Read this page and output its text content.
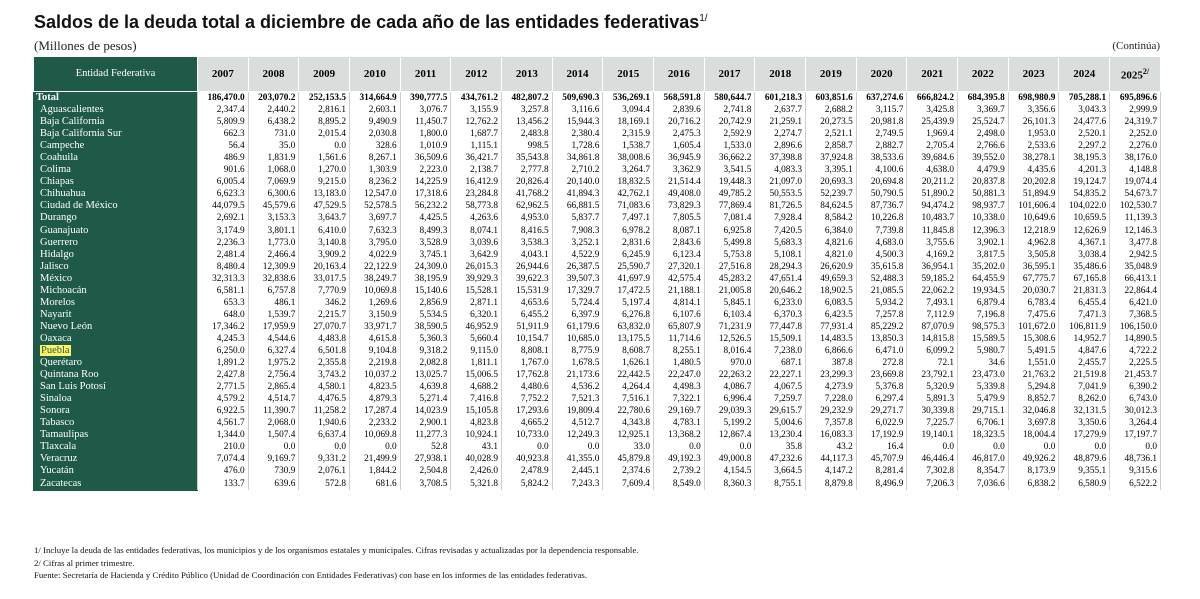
Saldos de la deuda total a diciembre de cada año de las entidades federativas$^{1/}$
(Millones de pesos)	(Continúa)
Entidad Federativa	2007	2008	2009	2010	2011	2012	2013	2014	2015	2016	2017	2018	2019	2020	2021	2022	2023	2024	$2025^{2/}$
Total	186,470.0	203,070.2	252,153.5	314,664.9	390,777.5	434,761.2	482,807.2	509,690.3	536,269.1	568,591.8	580,644.7	601,218.3	603,851.6	637,274.6	666,824.2	684,395.8	698,980.9	705,288.1	695,896.6
Aguascalientes	2,347.4	2,440.2	2,816.1	2,603.1	3,076.7	3,155.9	3,257.8	3,116.6	3,094.4	2,839.6	2,741.8	2,637.7	2,688.2	3,115.7	3,425.8	3,369.7	3,356.6	3,043.3	2,999.9
Baja California	5,809.9	6,438.2	8,895.2	9,490.9	11,450.7	12,762.2	13,456.2	15,944.3	18,169.1	20,716.2	20,742.9	21,259.1	20,273.5	20,981.8	25,439.9	25,524.7	26,101.3	24,477.6	24,319.7
Baja California Sur	662.3	731.0	2,015.4	2,030.8	1,800.0	1,687.7	2,483.8	2,380.4	2,315.9	2,475.3	2,592.9	2,274.7	2,521.1	2,749.5	1,969.4	2,498.0	1,953.0	2,520.1	2,252.0
Campeche	56.4	35.0	0.0	328.6	1,010.9	1,115.1	998.5	1,728.6	1,538.7	1,605.4	1,533.0	2,896.6	2,858.7	2,882.7	2,705.4	2,766.6	2,533.6	2,297.2	2,276.0
Coahuila	486.9	1,831.9	1,561.6	8,267.1	36,509.6	36,421.7	35,543.8	34,861.8	38,008.6	36,945.9	36,662.2	37,398.8	37,924.8	38,533.6	39,684.6	39,552.0	38,278.1	38,195.3	38,176.0
Colima	901.6	1,068.0	1,270.0	1,303.9	2,223.0	2,138.7	2,777.8	2,710.2	3,264.7	3,362.9	3,541.5	4,083.3	3,395.1	4,100.6	4,638.0	4,479.9	4,435.6	4,201.3	4,148.8
Chiapas	6,005.4	7,069.9	9,215.0	8,236.2	14,225.9	16,412.9	20,826.4	20,140.0	18,832.5	21,514.4	19,448.3	21,097.0	20,693.3	20,694.8	20,211.2	20,837.8	20,202.8	19,124.7	19,074.4
Chihuahua	6,623.3	6,300.6	13,183.0	12,547.0	17,318.6	23,284.8	41,768.2	41,894.3	42,762.1	49,408.0	49,785.2	50,553.5	52,239.7	50,790.5	51,890.2	50,881.3	51,894.9	54,835.2	54,673.7
Ciudad de México	44,079.5	45,579.6	47,529.5	52,578.5	56,232.2	58,773.8	62,962.5	66,881.5	71,083.6	73,829.3	77,869.4	81,726.5	84,624.5	87,736.7	94,474.2	98,937.7	101,606.4	104,022.0	102,530.7
Durango	2,692.1	3,153.3	3,643.7	3,697.7	4,425.5	4,263.6	4,953.0	5,837.7	7,497.1	7,805.5	7,081.4	7,928.4	8,584.2	10,226.8	10,483.7	10,338.0	10,649.6	10,659.5	11,139.3
Guanajuato	3,174.9	3,801.1	6,410.0	7,632.3	8,499.3	8,074.1	8,416.5	7,908.3	6,978.2	8,087.1	6,925.8	7,420.5	6,384.0	7,739.8	11,845.8	12,396.3	12,218.9	12,626.9	12,146.3
Guerrero	2,236.3	1,773.0	3,140.8	3,795.0	3,528.9	3,039.6	3,538.3	3,252.1	2,831.6	2,843.6	5,499.8	5,683.3	4,821.6	4,683.0	3,755.6	3,902.1	4,962.8	4,367.1	3,477.8
Hidalgo	2,481.4	2,466.4	3,909.2	4,022.9	3,745.1	3,642.9	4,043.1	4,522.9	6,245.9	6,123.4	5,753.8	5,108.1	4,821.0	4,500.3	4,169.2	3,817.5	3,505.8	3,038.4	2,942.5
Jalisco	8,480.4	12,309.9	20,163.4	22,122.9	24,309.0	26,015.3	26,944.6	26,387.5	25,590.7	27,320.1	27,516.8	28,294.3	26,620.9	35,615.8	36,954.1	35,202.0	36,595.1	35,486.6	35,048.9
México	32,313.3	32,838.6	33,017.5	38,249.7	38,195.9	39,929.3	39,622.3	39,507.3	41,697.9	42,575.4	45,283.2	47,651.4	49,659.3	52,488.3	59,185.2	64,455.9	67,775.7	67,165.8	66,413.1
Michoacán	6,581.1	6,757.8	7,770.9	10,069.8	15,140.6	15,528.1	15,531.9	17,329.7	17,472.5	21,188.1	21,005.8	20,646.2	18,902.5	21,085.5	22,062.2	19,934.5	20,030.7	21,831.3	22,864.4
Morelos	653.3	486.1	346.2	1,269.6	2,856.9	2,871.1	4,653.6	5,724.4	5,197.4	4,814.1	5,845.1	6,233.0	6,083.5	5,934.2	7,493.1	6,879.4	6,783.4	6,455.4	6,421.0
Nayarit	648.0	1,539.7	2,215.7	3,150.9	5,534.5	6,320.1	6,455.2	6,397.9	6,276.8	6,107.6	6,103.4	6,370.3	6,423.5	7,257.8	7,112.9	7,196.8	7,475.6	7,471.3	7,368.5
Nuevo León	17,346.2	17,959.9	27,070.7	33,971.7	38,590.5	46,952.9	51,911.9	61,179.6	63,832.0	65,807.9	71,231.9	77,447.8	77,931.4	85,229.2	87,070.9	98,575.3	101,672.0	106,811.9	106,150.0
Oaxaca	4,245.3	4,544.6	4,483.8	4,615.8	5,360.3	5,660.4	10,154.7	10,685.0	13,175.5	11,714.6	12,526.5	15,509.1	14,483.5	13,850.3	14,815.8	15,589.5	15,308.6	14,952.7	14,890.5
Puebla	6,250.0	6,327.4	6,501.8	9,104.8	9,318.2	9,115.0	8,808.1	8,775.9	8,608.7	8,255.1	8,016.4	7,238.0	6,866.6	6,471.0	6,099.2	5,980.7	5,491.5	4,847.6	4,722.2
Querétaro	1,891.2	1,975.2	2,355.8	2,219.8	2,082.8	1,811.1	1,767.0	1,678.5	1,626.1	1,480.5	970.0	687.1	387.8	272.8	72.1	34.6	1,551.0	2,455.7	2,225.5
Quintana Roo	2,427.8	2,756.4	3,743.2	10,037.2	13,025.7	15,006.5	17,762.8	21,173.6	22,442.5	22,247.0	22,263.2	22,227.1	23,299.3	23,669.8	23,792.1	23,473.0	21,763.2	21,519.8	21,453.7
San Luis Potosí	2,771.5	2,865.4	4,580.1	4,823.5	4,639.8	4,688.2	4,480.6	4,536.2	4,264.4	4,498.3	4,086.7	4,067.5	4,273.9	5,376.8	5,320.9	5,339.8	5,294.8	7,041.9	6,390.2
Sinaloa	4,579.2	4,514.7	4,476.5	4,879.3	5,271.4	7,416.8	7,752.2	7,521.3	7,516.1	7,322.1	6,996.4	7,259.7	7,228.0	6,297.4	5,891.3	5,479.9	8,852.7	8,262.0	6,743.0
Sonora	6,922.5	11,390.7	11,258.2	17,287.4	14,023.9	15,105.8	17,293.6	19,809.4	22,780.6	29,169.7	29,039.3	29,615.7	29,232.9	29,271.7	30,339.8	29,715.1	32,046.8	32,131.5	30,012.3
Tabasco	4,561.7	2,068.0	1,940.6	2,233.2	2,900.1	4,823.8	4,665.2	4,512.7	4,343.8	4,783.1	5,199.2	5,004.6	7,357.8	6,022.9	7,225.7	6,706.1	3,697.8	3,350.6	3,264.4
Tamaulipas	1,344.0	1,507.4	6,637.4	10,069.8	11,277.3	10,924.1	10,733.0	12,249.3	12,925.1	13,368.2	12,867.4	13,230.4	16,083.3	17,192.9	19,140.1	18,323.5	18,004.4	17,279.9	17,197.7
Tlaxcala	210.0	0.0	0.0	0.0	52.8	43.1	0.0	0.0	33.0	0.0	0.0	35.8	43.2	16.4	0.0	0.0	0.0	0.0	0.0
Veracruz	7,074.4	9,169.7	9,331.2	21,499.9	27,938.1	40,028.9	40,923.8	41,355.0	45,879.8	49,192.3	49,000.8	47,232.6	44,117.3	45,707.9	46,446.4	46,817.0	49,926.2	48,879.6	48,736.1
Yucatán	476.0	730.9	2,076.1	1,844.2	2,504.8	2,426.0	2,478.9	2,445.1	2,374.6	2,739.2	4,154.5	3,664.5	4,147.2	8,281.4	7,302.8	8,354.7	8,173.9	9,355.1	9,315.6
Zacatecas	133.7	639.6	572.8	681.6	3,708.5	5,321.8	5,824.2	7,243.3	7,609.4	8,549.0	8,360.3	8,755.1	8,879.8	8,496.9	7,206.3	7,036.6	6,838.2	6,580.9	6,522.2
1/ Incluye la deuda de las entidades federativas, los municipios y de los organismos estatales y municipales. Cifras revisadas y actualizadas por la dependencia responsable.
2/ Cifras al primer trimestre.
Fuente: Secretaría de Hacienda y Crédito Público (Unidad de Coordinación con Entidades Federativas) con base en los informes de las entidades federativas.
